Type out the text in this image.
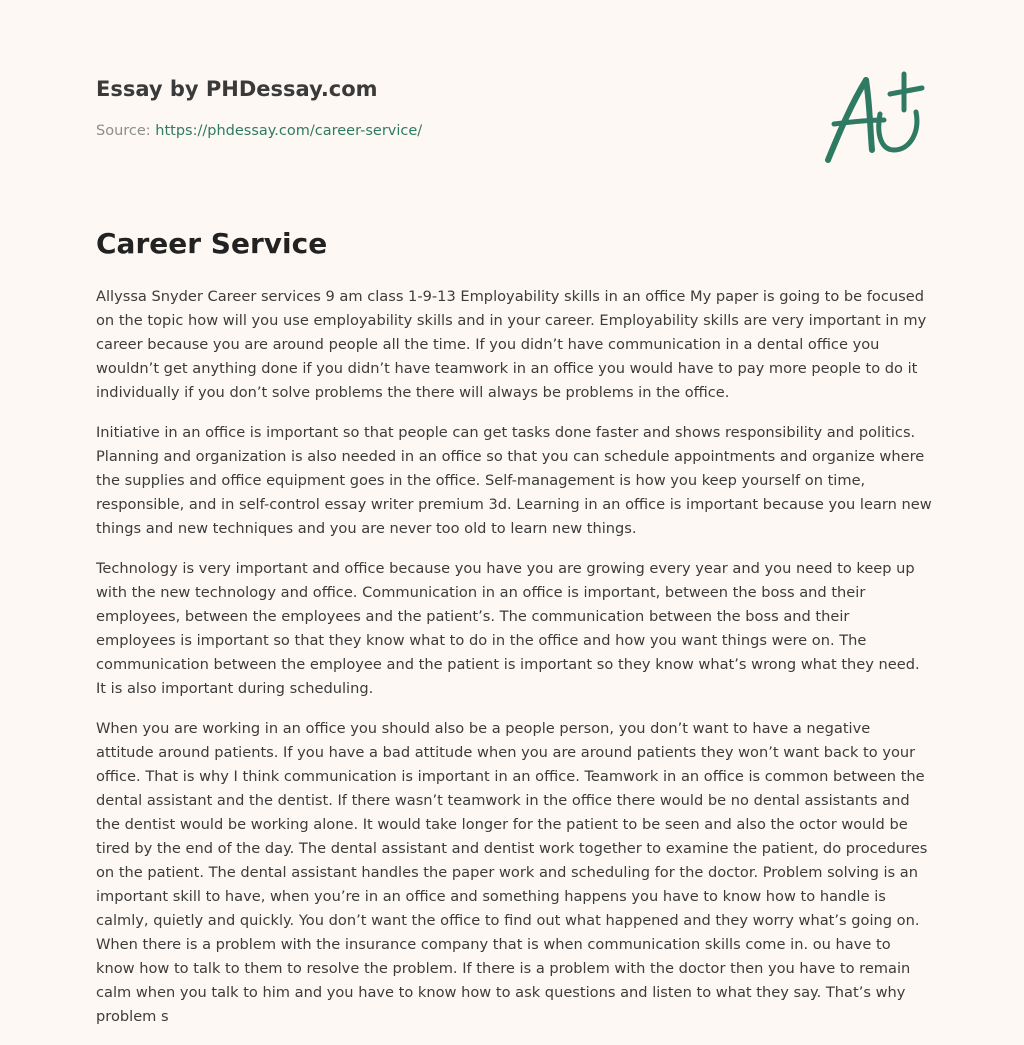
Essay by PHDessay.com
Source: https://phdessay.com/career-service/
Career Service

Allyssa Snyder Career services 9 am class 1-9-13 Employability skills in an office My paper is going to be focused on the topic how will you use employability skills and in your career. Employability skills are very important in my career because you are around people all the time. If you didn’t have communication in a dental office you wouldn’t get anything done if you didn’t have teamwork in an office you would have to pay more people to do it individually if you don’t solve problems the there will always be problems in the office.

Initiative in an office is important so that people can get tasks done faster and shows responsibility and politics. Planning and organization is also needed in an office so that you can schedule appointments and organize where the supplies and office equipment goes in the office. Self-management is how you keep yourself on time, responsible, and in self-control essay writer premium 3d. Learning in an office is important because you learn new things and new techniques and you are never too old to learn new things.

Technology is very important and office because you have you are growing every year and you need to keep up with the new technology and office. Communication in an office is important, between the boss and their employees, between the employees and the patient’s. The communication between the boss and their employees is important so that they know what to do in the office and how you want things were on. The communication between the employee and the patient is important so they know what’s wrong what they need. It is also important during scheduling.

When you are working in an office you should also be a people person, you don’t want to have a negative attitude around patients. If you have a bad attitude when you are around patients they won’t want back to your office. That is why I think communication is important in an office. Teamwork in an office is common between the dental assistant and the dentist. If there wasn’t teamwork in the office there would be no dental assistants and the dentist would be working alone. It would take longer for the patient to be seen and also the octor would be tired by the end of the day. The dental assistant and dentist work together to examine the patient, do procedures on the patient. The dental assistant handles the paper work and scheduling for the doctor. Problem solving is an important skill to have, when you’re in an office and something happens you have to know how to handle is calmly, quietly and quickly. You don’t want the office to find out what happened and they worry what’s going on. When there is a problem with the insurance company that is when communication skills come in. ou have to know how to talk to them to resolve the problem. If there is a problem with the doctor then you have to remain calm when you talk to him and you have to know how to ask questions and listen to what they say. That’s why problem s
